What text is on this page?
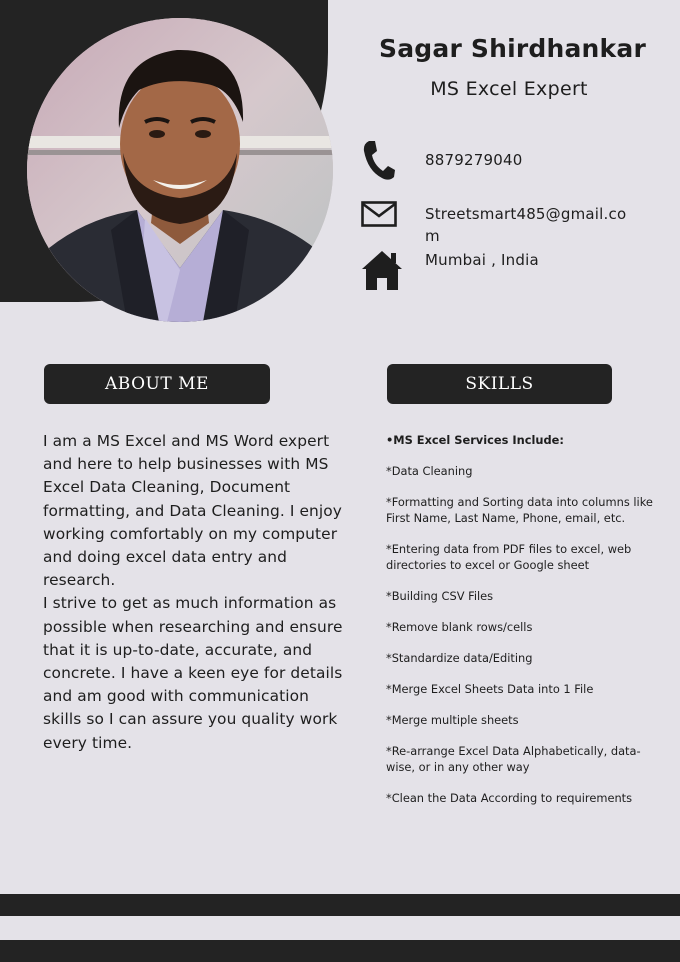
Sagar Shirdhankar
MS Excel Expert
8879279040
Streetsmart485@gmail.co
m
Mumbai , India
ABOUT ME	SKILLS

I am a MS Excel and MS Word expert and here to help businesses with MS Excel Data Cleaning, Document formatting, and Data Cleaning. I enjoy working comfortably on my computer and doing excel data entry and research.

I strive to get as much information as possible when researching and ensure that it is up-to-date, accurate, and concrete. I have a keen eye for details and am good with communication skills so I can assure you quality work every time.

•MS Excel Services Include:
*Data Cleaning
*Formatting and Sorting data into columns like First Name, Last Name, Phone, email, etc.
*Entering data from PDF files to excel, web directories to excel or Google sheet
*Building CSV Files
*Remove blank rows/cells
*Standardize data/Editing
*Merge Excel Sheets Data into 1 File
*Merge multiple sheets
*Re-arrange Excel Data Alphabetically, data-wise, or in any other way
*Clean the Data According to requirements
